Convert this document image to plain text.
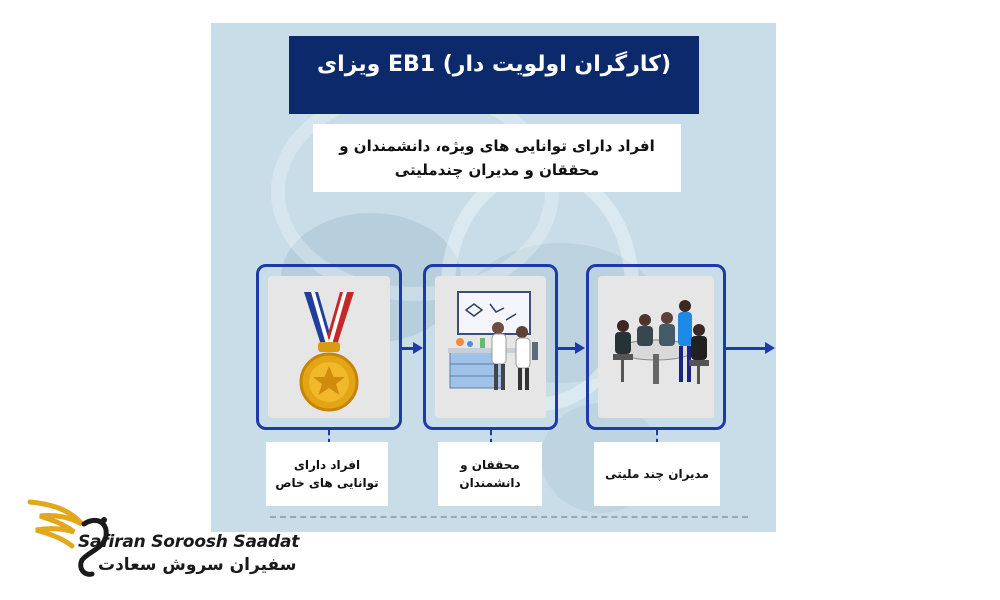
ویزای EB1 (کارگران اولویت دار)
افراد دارای توانایی های ویژه، دانشمندان و
محققان و مدیران چندملیتی
افراد دارای
توانایی های خاص
محققان و
دانشمندان
مدیران چند ملیتی
Safiran Soroosh Saadat
سفیران سروش سعادت
